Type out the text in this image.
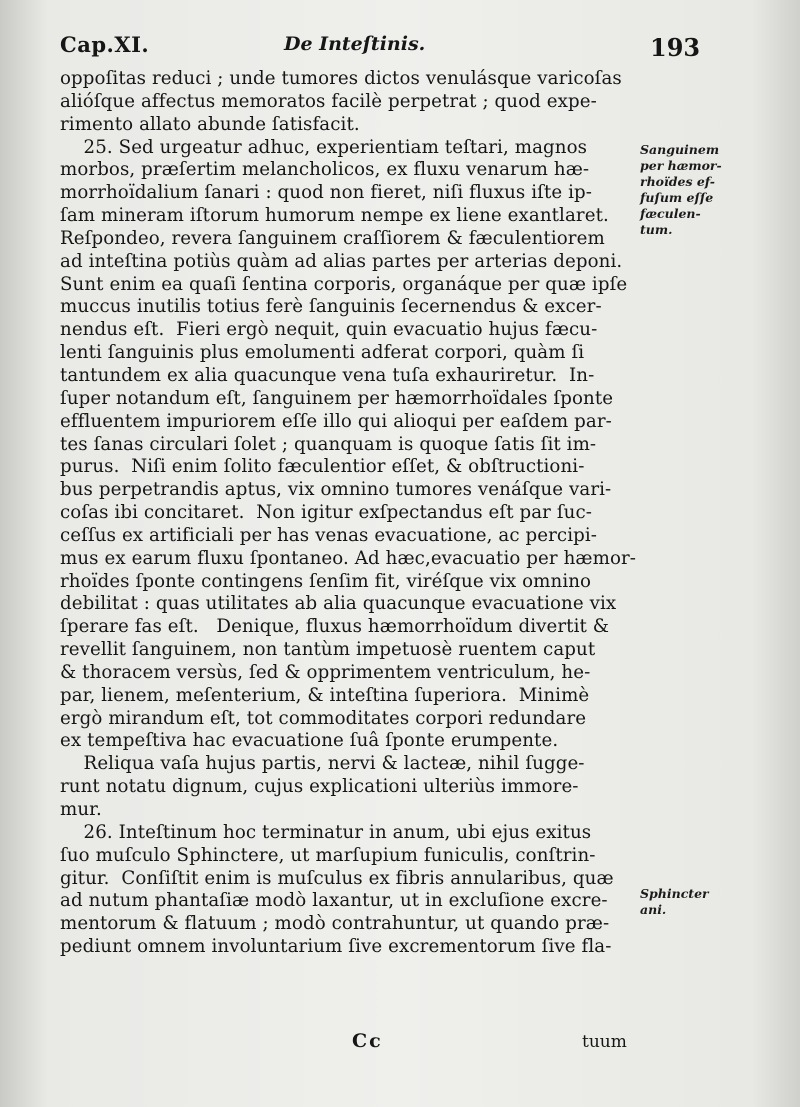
Cap.XI.	De Inteſtinis.	193
oppoſitas reduci ; unde tumores dictos venulásque varicoſas
alióſque affectus memoratos facilè perpetrat ; quod expe-
rimento allato abunde ſatisfacit.
25. Sed urgeatur adhuc, experientiam teſtari, magnos
morbos, præſertim melancholicos, ex fluxu venarum hæ-
morrhoïdalium ſanari : quod non fieret, niſi fluxus iſte ip-
ſam mineram iſtorum humorum nempe ex liene exantlaret.
Reſpondeo, revera ſanguinem craſſiorem & fæculentiorem
ad inteſtina potiùs quàm ad alias partes per arterias deponi.
Sunt enim ea quaſi ſentina corporis, organáque per quæ ipſe
muccus inutilis totius ferè ſanguinis ſecernendus & excer-
nendus eſt.  Fieri ergò nequit, quin evacuatio hujus fæcu-
lenti ſanguinis plus emolumenti adferat corpori, quàm ſi
tantundem ex alia quacunque vena tuſa exhauriretur.  In-
ſuper notandum eſt, ſanguinem per hæmorrhoïdales ſponte
effluentem impuriorem eſſe illo qui alioqui per eaſdem par-
tes ſanas circulari ſolet ; quanquam is quoque ſatis ſit im-
purus.  Niſi enim ſolito fæculentior eſſet, & obſtructioni-
bus perpetrandis aptus, vix omnino tumores venáſque vari-
coſas ibi concitaret.  Non igitur exſpectandus eſt par ſuc-
ceſſus ex artificiali per has venas evacuatione, ac percipi-
mus ex earum fluxu ſpontaneo. Ad hæc,evacuatio per hæmor-
rhoïdes ſponte contingens ſenſim fit, viréſque vix omnino
debilitat : quas utilitates ab alia quacunque evacuatione vix
ſperare fas eſt.   Denique, fluxus hæmorrhoïdum divertit &
revellit ſanguinem, non tantùm impetuosè ruentem caput
& thoracem versùs, ſed & opprimentem ventriculum, he-
par, lienem, meſenterium, & inteſtina ſuperiora.  Minimè
ergò mirandum eſt, tot commoditates corpori redundare
ex tempeſtiva hac evacuatione ſuâ ſponte erumpente.
Reliqua vaſa hujus partis, nervi & lacteæ, nihil ſugge-
runt notatu dignum, cujus explicationi ulteriùs immore-
mur.
26. Inteſtinum hoc terminatur in anum, ubi ejus exitus
ſuo muſculo Sphinctere, ut marſupium funiculis, conſtrin-
gitur.  Conſiſtit enim is muſculus ex fibris annularibus, quæ
ad nutum phantaſiæ modò laxantur, ut in excluſione excre-
mentorum & flatuum ; modò contrahuntur, ut quando præ-
pediunt omnem involuntarium ſive excrementorum ſive fla-
Sanguinem
per hæmor-
rhoïdes ef-
fuſum eſſe
fæculen-
tum.
Sphincter
ani.
Cc	tuum
